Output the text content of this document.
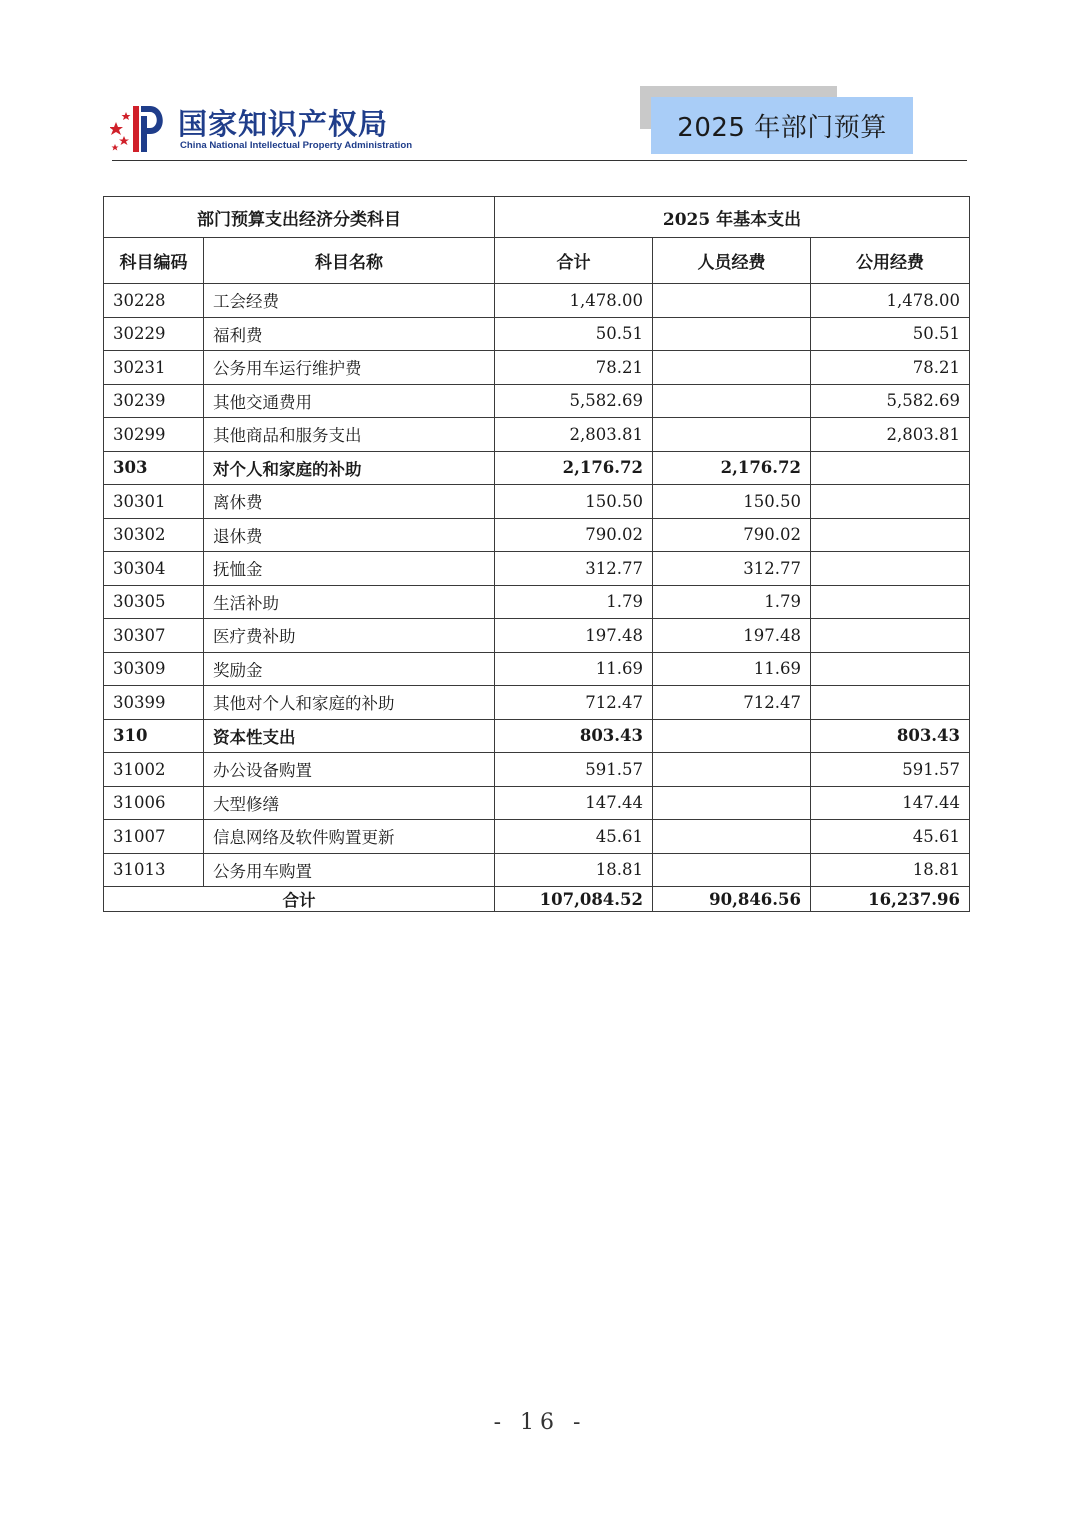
国家知识产权局
China National Intellectual Property Administration
2025 年部门预算
部门预算支出经济分类科目		2025 年基本支出		
科目编码	科目名称	合计	人员经费	公用经费
30228	工会经费	1,478.00		1,478.00
30229	福利费	50.51		50.51
30231	公务用车运行维护费	78.21		78.21
30239	其他交通费用	5,582.69		5,582.69
30299	其他商品和服务支出	2,803.81		2,803.81
303	对个人和家庭的补助	2,176.72	2,176.72	
30301	离休费	150.50	150.50	
30302	退休费	790.02	790.02	
30304	抚恤金	312.77	312.77	
30305	生活补助	1.79	1.79	
30307	医疗费补助	197.48	197.48	
30309	奖励金	11.69	11.69	
30399	其他对个人和家庭的补助	712.47	712.47	
310	资本性支出	803.43		803.43
31002	办公设备购置	591.57		591.57
31006	大型修缮	147.44		147.44
31007	信息网络及软件购置更新	45.61		45.61
31013	公务用车购置	18.81		18.81
合计		107,084.52	90,846.56	16,237.96
- 16 -
